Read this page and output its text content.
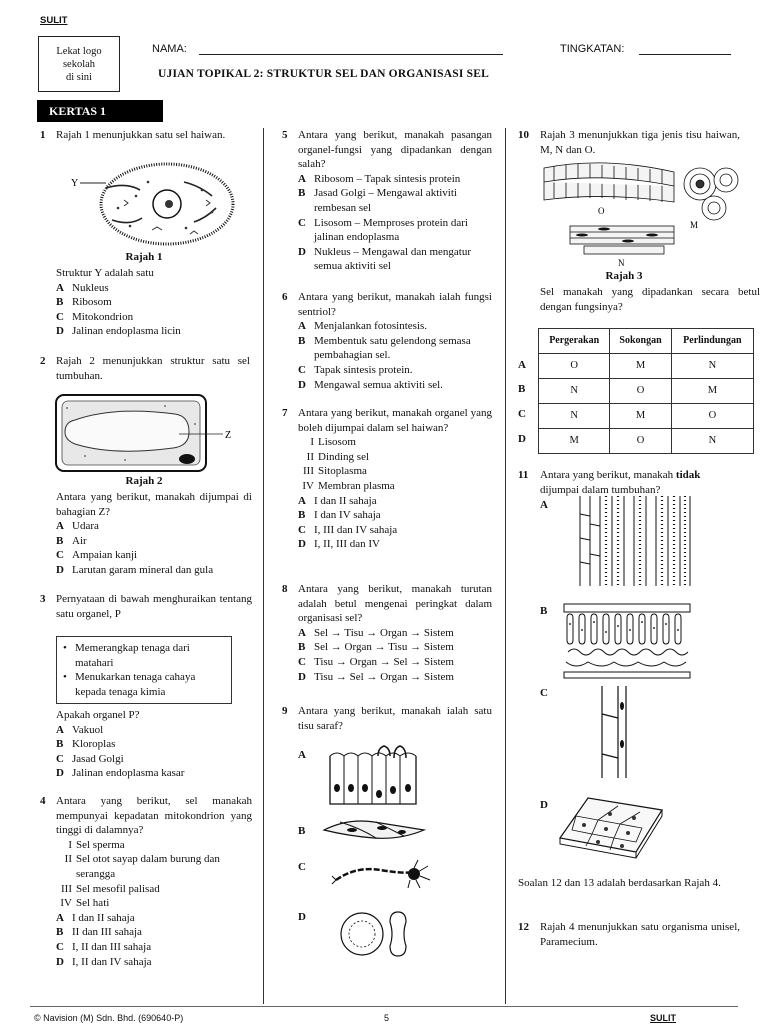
SULIT
Lekat logo
sekolah
di sini
NAMA:	TINGKATAN:
UJIAN TOPIKAL 2: STRUKTUR SEL DAN ORGANISASI SEL
KERTAS 1
1 Rajah 1 menunjukkan satu sel haiwan.
Y
Rajah 1
Struktur Y adalah satu
A Nukleus
B Ribosom
C Mitokondrion
D Jalinan endoplasma licin
2 Rajah 2 menunjukkan struktur satu sel tumbuhan.
Z
Rajah 2
Antara yang berikut, manakah dijumpai di bahagian Z?
A Udara
B Air
C Ampaian kanji
D Larutan garam mineral dan gula
3 Pernyataan di bawah menghuraikan tentang satu organel, P
• Memerangkap tenaga dari matahari
• Menukarkan tenaga cahaya kepada tenaga kimia
Apakah organel P?
A Vakuol
B Kloroplas
C Jasad Golgi
D Jalinan endoplasma kasar
4 Antara yang berikut, sel manakah mempunyai kepadatan mitokondrion yang tinggi di dalamnya?
I Sel sperma
II Sel otot sayap dalam burung dan serangga
III Sel mesofil palisad
IV Sel hati
A I dan II sahaja
B II dan III sahaja
C I, II dan III sahaja
D I, II dan IV sahaja
5 Antara yang berikut, manakah pasangan organel-fungsi yang dipadankan dengan salah?
A Ribosom – Tapak sintesis protein
B Jasad Golgi – Mengawal aktiviti rembesan sel
C Lisosom – Memproses protein dari jalinan endoplasma
D Nukleus – Mengawal dan mengatur semua aktiviti sel
6 Antara yang berikut, manakah ialah fungsi sentriol?
A Menjalankan fotosintesis.
B Membentuk satu gelendong semasa pembahagian sel.
C Tapak sintesis protein.
D Mengawal semua aktiviti sel.
7 Antara yang berikut, manakah organel yang boleh dijumpai dalam sel haiwan?
I Lisosom
II Dinding sel
III Sitoplasma
IV Membran plasma
A I dan II sahaja
B I dan IV sahaja
C I, III dan IV sahaja
D I, II, III dan IV
8 Antara yang berikut, manakah turutan adalah betul mengenai peringkat dalam organisasi sel?
A Sel → Tisu → Organ → Sistem
B Sel → Organ → Tisu → Sistem
C Tisu → Organ → Sel → Sistem
D Tisu → Sel → Organ → Sistem
9 Antara yang berikut, manakah ialah satu tisu saraf?
A
B
C
D
10	Rajah 3 menunjukkan tiga jenis tisu haiwan, M, N dan O.
O
M
N
Rajah 3
Sel manakah yang dipadankan secara betul dengan fungsinya?
Pergerakan	Sokongan	Perlindungan
O	M	N
N	O	M
N	M	O
M	O	N
A
B
C
D
11	Antara yang berikut, manakah tidak dijumpai dalam tumbuhan?
A
B
C
D
Soalan 12 dan 13 adalah berdasarkan Rajah 4.
12	Rajah 4 menunjukkan satu organisma unisel, Paramecium.
© Navision (M) Sdn. Bhd. (690640-P)	5	SULIT
